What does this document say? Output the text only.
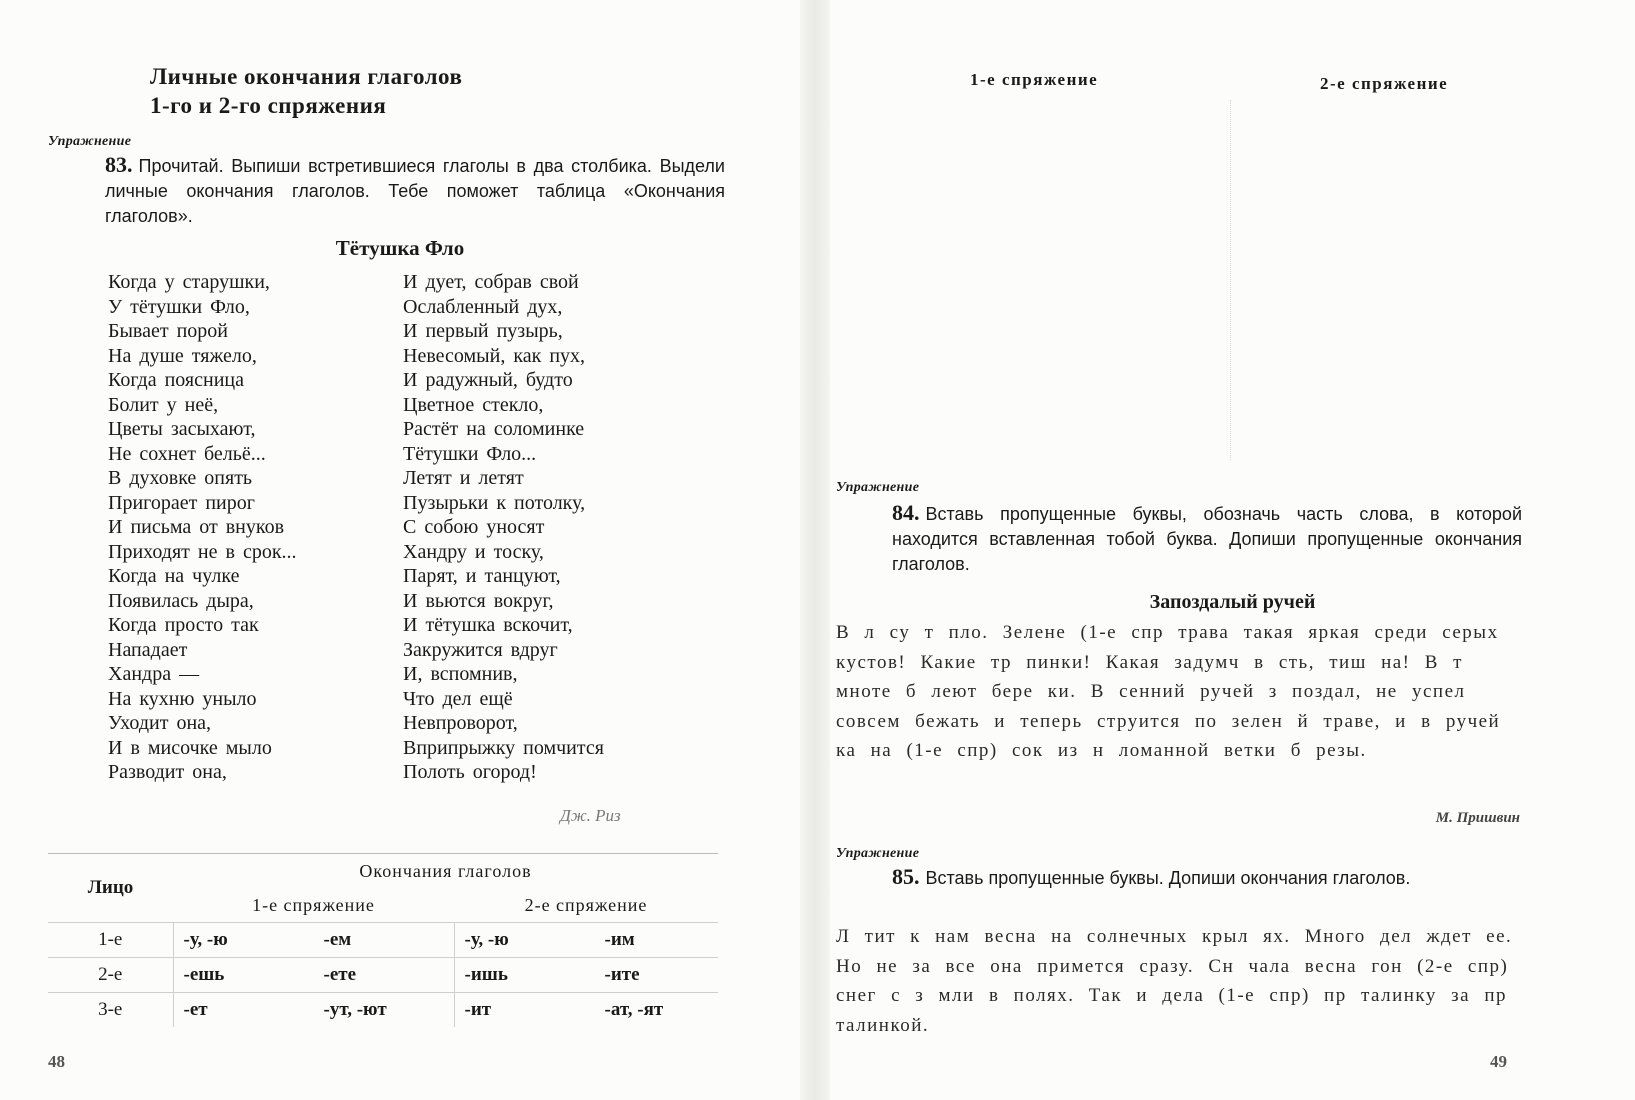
Личные окончания глаголов
1-го и 2-го спряжения
Упражнение
83. Прочитай. Выпиши встретившиеся глаголы в два столбика. Выдели личные окончания глаголов. Тебе поможет таблица «Окончания глаголов».
Тётушка Фло
Когда у старушки,
У тётушки Фло,
Бывает порой
На душе тяжело,
Когда поясница
Болит у неё,
Цветы засыхают,
Не сохнет бельё...
В духовке опять
Пригорает пирог
И письма от внуков
Приходят не в срок...
Когда на чулке
Появилась дыра,
Когда просто так
Нападает
Хандра —
На кухню уныло
Уходит она,
И в мисочке мыло
Разводит она,
И дует, собрав свой
Ослабленный дух,
И первый пузырь,
Невесомый, как пух,
И радужный, будто
Цветное стекло,
Растёт на соломинке
Тётушки Фло...
Летят и летят
Пузырьки к потолку,
С собою уносят
Хандру и тоску,
Парят, и танцуют,
И вьются вокруг,
И тётушка вскочит,
Закружится вдруг
И, вспомнив,
Что дел ещё
Невпроворот,
Вприпрыжку помчится
Полоть огород!
Дж. Риз
Лицо	Окончания глаголов			
	1-е спряжение		2-е спряжение	
1-е	-у, -ю	-ем	-у, -ю	-им
2-е	-ешь	-ете	-ишь	-ите
3-е	-ет	-ут, -ют	-ит	-ат, -ят
48
1-е спряжение	2-е спряжение
Упражнение
84. Вставь пропущенные буквы, обозначь часть слова, в которой находится вставленная тобой буква. Допиши пропущенные окончания глаголов.
Запоздалый ручей
В л су т пло. Зелене (1-е спр трава такая яркая среди серых кустов! Какие тр пинки! Какая задумч в сть, тиш на! В т мноте б леют бере ки. В сенний ручей з поздал, не успел совсем бежать и теперь струится по зелен й траве, и в ручей ка на (1-е спр) сок из н ломанной ветки б резы.
М. Пришвин
Упражнение
85. Вставь пропущенные буквы. Допиши окончания глаголов.
Л тит к нам весна на солнечных крыл ях. Много дел ждет ее. Но не за все она примется сразу. Сн чала весна гон (2-е спр) снег с з мли в полях. Так и дела (1-е спр) пр талинку за пр талинкой.
49
